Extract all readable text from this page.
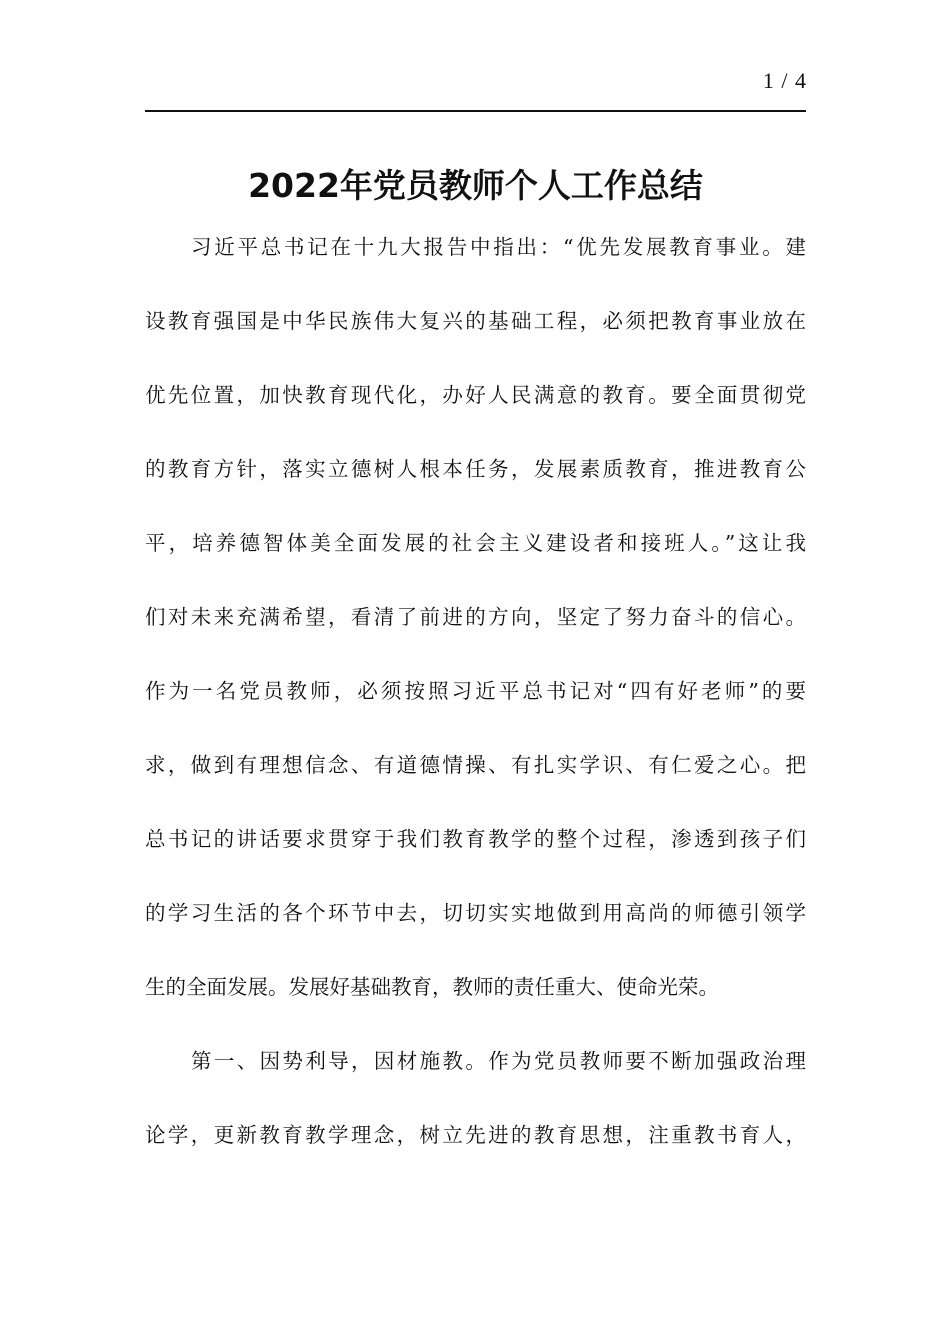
1 / 4
2022年党员教师个人工作总结
习近平总书记在十九大报告中指出：“优先发展教育事业。建
设教育强国是中华民族伟大复兴的基础工程，必须把教育事业放在
优先位置，加快教育现代化，办好人民满意的教育。要全面贯彻党
的教育方针，落实立德树人根本任务，发展素质教育，推进教育公
平，培养德智体美全面发展的社会主义建设者和接班人。”这让我
们对未来充满希望，看清了前进的方向，坚定了努力奋斗的信心。
作为一名党员教师，必须按照习近平总书记对“四有好老师”的要
求，做到有理想信念、有道德情操、有扎实学识、有仁爱之心。把
总书记的讲话要求贯穿于我们教育教学的整个过程，渗透到孩子们
的学习生活的各个环节中去，切切实实地做到用高尚的师德引领学
生的全面发展。发展好基础教育，教师的责任重大、使命光荣。
第一、因势利导，因材施教。作为党员教师要不断加强政治理
论学，更新教育教学理念，树立先进的教育思想，注重教书育人，
